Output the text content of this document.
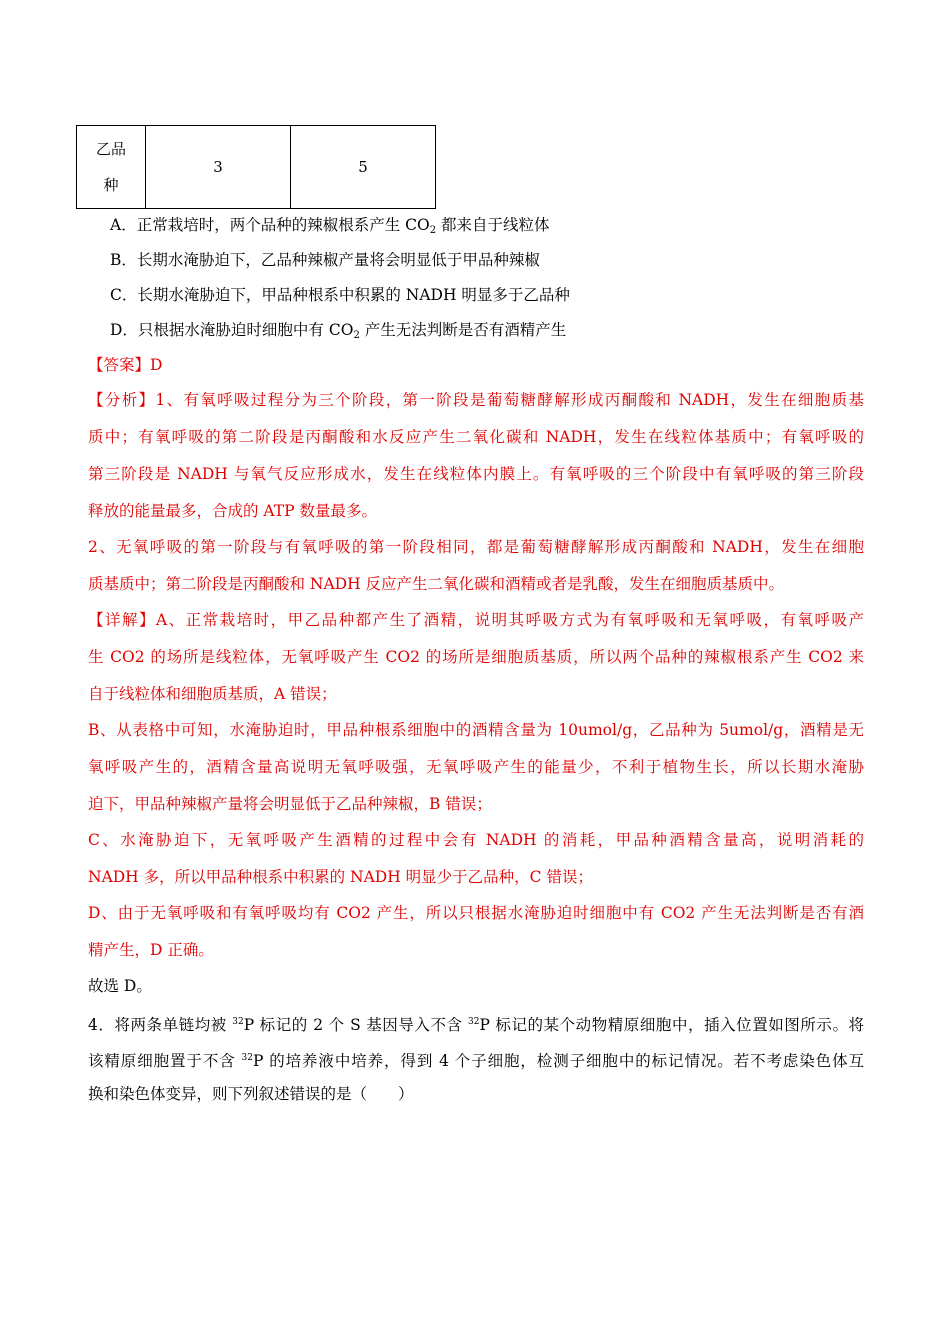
乙品
种
	3	5
A．正常栽培时，两个品种的辣椒根系产生 $CO_2$ 都来自于线粒体
B．长期水淹胁迫下，乙品种辣椒产量将会明显低于甲品种辣椒
C．长期水淹胁迫下，甲品种根系中积累的 NADH 明显多于乙品种
D．只根据水淹胁迫时细胞中有 $CO_2$ 产生无法判断是否有酒精产生
【答案】D
【分析】1、有氧呼吸过程分为三个阶段，第一阶段是葡萄糖酵解形成丙酮酸和 NADH，发生在细胞质基
质中；有氧呼吸的第二阶段是丙酮酸和水反应产生二氧化碳和 NADH，发生在线粒体基质中；有氧呼吸的
第三阶段是 NADH 与氧气反应形成水，发生在线粒体内膜上。有氧呼吸的三个阶段中有氧呼吸的第三阶段
释放的能量最多，合成的 ATP 数量最多。
2、无氧呼吸的第一阶段与有氧呼吸的第一阶段相同，都是葡萄糖酵解形成丙酮酸和 NADH，发生在细胞
质基质中；第二阶段是丙酮酸和 NADH 反应产生二氧化碳和酒精或者是乳酸，发生在细胞质基质中。
【详解】A、正常栽培时，甲乙品种都产生了酒精，说明其呼吸方式为有氧呼吸和无氧呼吸，有氧呼吸产
生 CO2 的场所是线粒体，无氧呼吸产生 CO2 的场所是细胞质基质，所以两个品种的辣椒根系产生 CO2 来
自于线粒体和细胞质基质，A 错误；
B、从表格中可知，水淹胁迫时，甲品种根系细胞中的酒精含量为 10umol/g，乙品种为 5umol/g，酒精是无
氧呼吸产生的，酒精含量高说明无氧呼吸强，无氧呼吸产生的能量少，不利于植物生长，所以长期水淹胁
迫下，甲品种辣椒产量将会明显低于乙品种辣椒，B 错误；
C、水淹胁迫下，无氧呼吸产生酒精的过程中会有 NADH 的消耗，甲品种酒精含量高，说明消耗的
NADH 多，所以甲品种根系中积累的 NADH 明显少于乙品种，C 错误；
D、由于无氧呼吸和有氧呼吸均有 CO2 产生，所以只根据水淹胁迫时细胞中有 CO2 产生无法判断是否有酒
精产生，D 正确。
故选 D。
4．将两条单链均被 $^{32}$P 标记的 2 个 S 基因导入不含 $^{32}$P 标记的某个动物精原细胞中，插入位置如图所示。将
该精原细胞置于不含 $^{32}$P 的培养液中培养，得到 4 个子细胞，检测子细胞中的标记情况。若不考虑染色体互
换和染色体变异，则下列叙述错误的是（　　）
